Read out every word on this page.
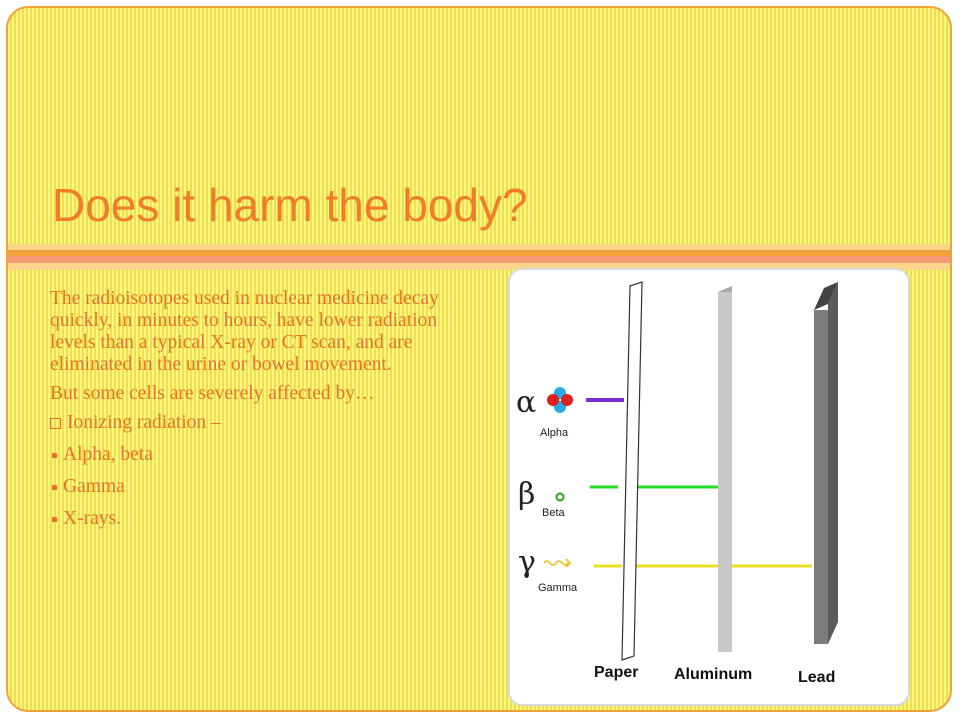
Does it harm the body?

The radioisotopes used in nuclear medicine decay quickly, in minutes to hours, have lower radiation levels than a typical X-ray or CT scan, and are eliminated in the urine or bowel movement.

But some cells are severely affected by…

Ionizing radiation –
Alpha, beta
Gamma
X-rays.
α
β
γ
Alpha
Beta
Gamma
Paper Aluminum	Lead
